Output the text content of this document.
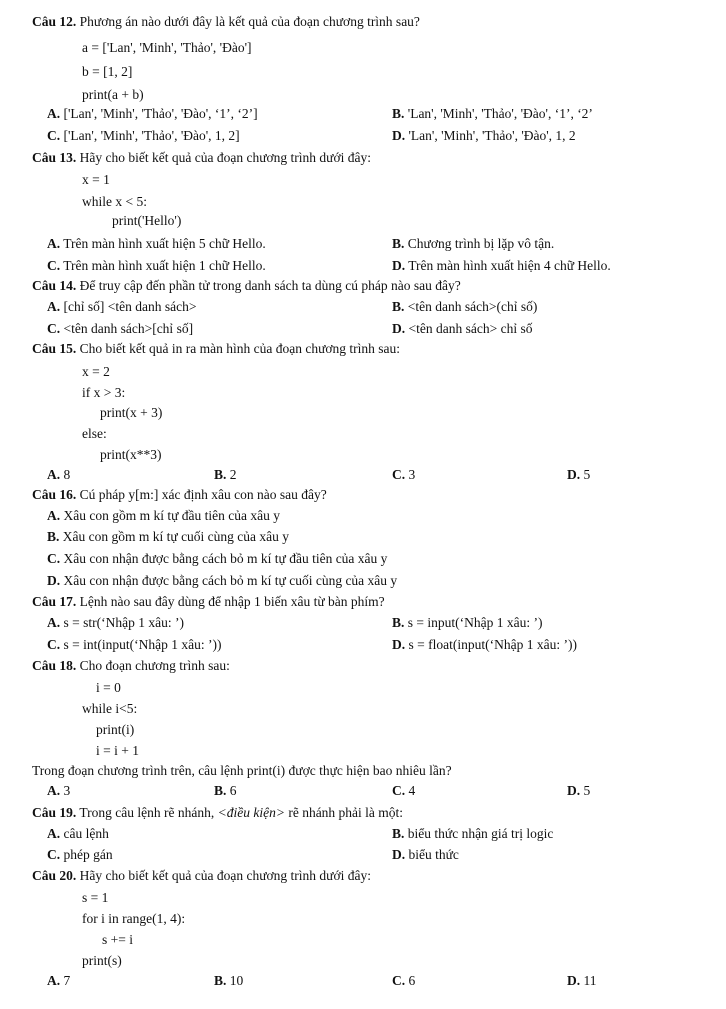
Câu 12. Phương án nào dưới đây là kết quả của đoạn chương trình sau?
a = ['Lan', 'Minh', 'Thảo', 'Đào']
b = [1, 2]
print(a + b)
A. ['Lan', 'Minh', 'Thảo', 'Đào', ‘1’, ‘2’]	B. 'Lan', 'Minh', 'Thảo', 'Đào', ‘1’, ‘2’
C. ['Lan', 'Minh', 'Thảo', 'Đào', 1, 2]	D. 'Lan', 'Minh', 'Thảo', 'Đào', 1, 2
Câu 13. Hãy cho biết kết quả của đoạn chương trình dưới đây:
x = 1
while x < 5:
print('Hello')
A. Trên màn hình xuất hiện 5 chữ Hello.	B. Chương trình bị lặp vô tận.
C. Trên màn hình xuất hiện 1 chữ Hello.	D. Trên màn hình xuất hiện 4 chữ Hello.
Câu 14. Để truy cập đến phần tử trong danh sách ta dùng cú pháp nào sau đây?
A. [chỉ số] <tên danh sách>	B. <tên danh sách>(chỉ số)
C. <tên danh sách>[chỉ số]	D. <tên danh sách> chỉ số
Câu 15. Cho biết kết quả in ra màn hình của đoạn chương trình sau:
x = 2
if x > 3:
print(x + 3)
else:
print(x**3)
A. 8	B. 2	C. 3	D. 5
Câu 16. Cú pháp y[m:] xác định xâu con nào sau đây?
A. Xâu con gồm m kí tự đầu tiên của xâu y
B. Xâu con gồm m kí tự cuối cùng của xâu y
C. Xâu con nhận được bằng cách bỏ m kí tự đầu tiên của xâu y
D. Xâu con nhận được bằng cách bỏ m kí tự cuối cùng của xâu y
Câu 17. Lệnh nào sau đây dùng để nhập 1 biến xâu từ bàn phím?
A. s = str(‘Nhập 1 xâu: ’)	B. s = input(‘Nhập 1 xâu: ’)
C. s = int(input(‘Nhập 1 xâu: ’))	D. s = float(input(‘Nhập 1 xâu: ’))
Câu 18. Cho đoạn chương trình sau:
i = 0
while i<5:
print(i)
i = i + 1
Trong đoạn chương trình trên, câu lệnh print(i) được thực hiện bao nhiêu lần?
A. 3	B. 6	C. 4	D. 5
Câu 19. Trong câu lệnh rẽ nhánh, <điều kiện> rẽ nhánh phải là một:
A. câu lệnh	B. biểu thức nhận giá trị logic
C. phép gán	D. biểu thức
Câu 20. Hãy cho biết kết quả của đoạn chương trình dưới đây:
s = 1
for i in range(1, 4):
s += i
print(s)
A. 7	B. 10	C. 6	D. 11
